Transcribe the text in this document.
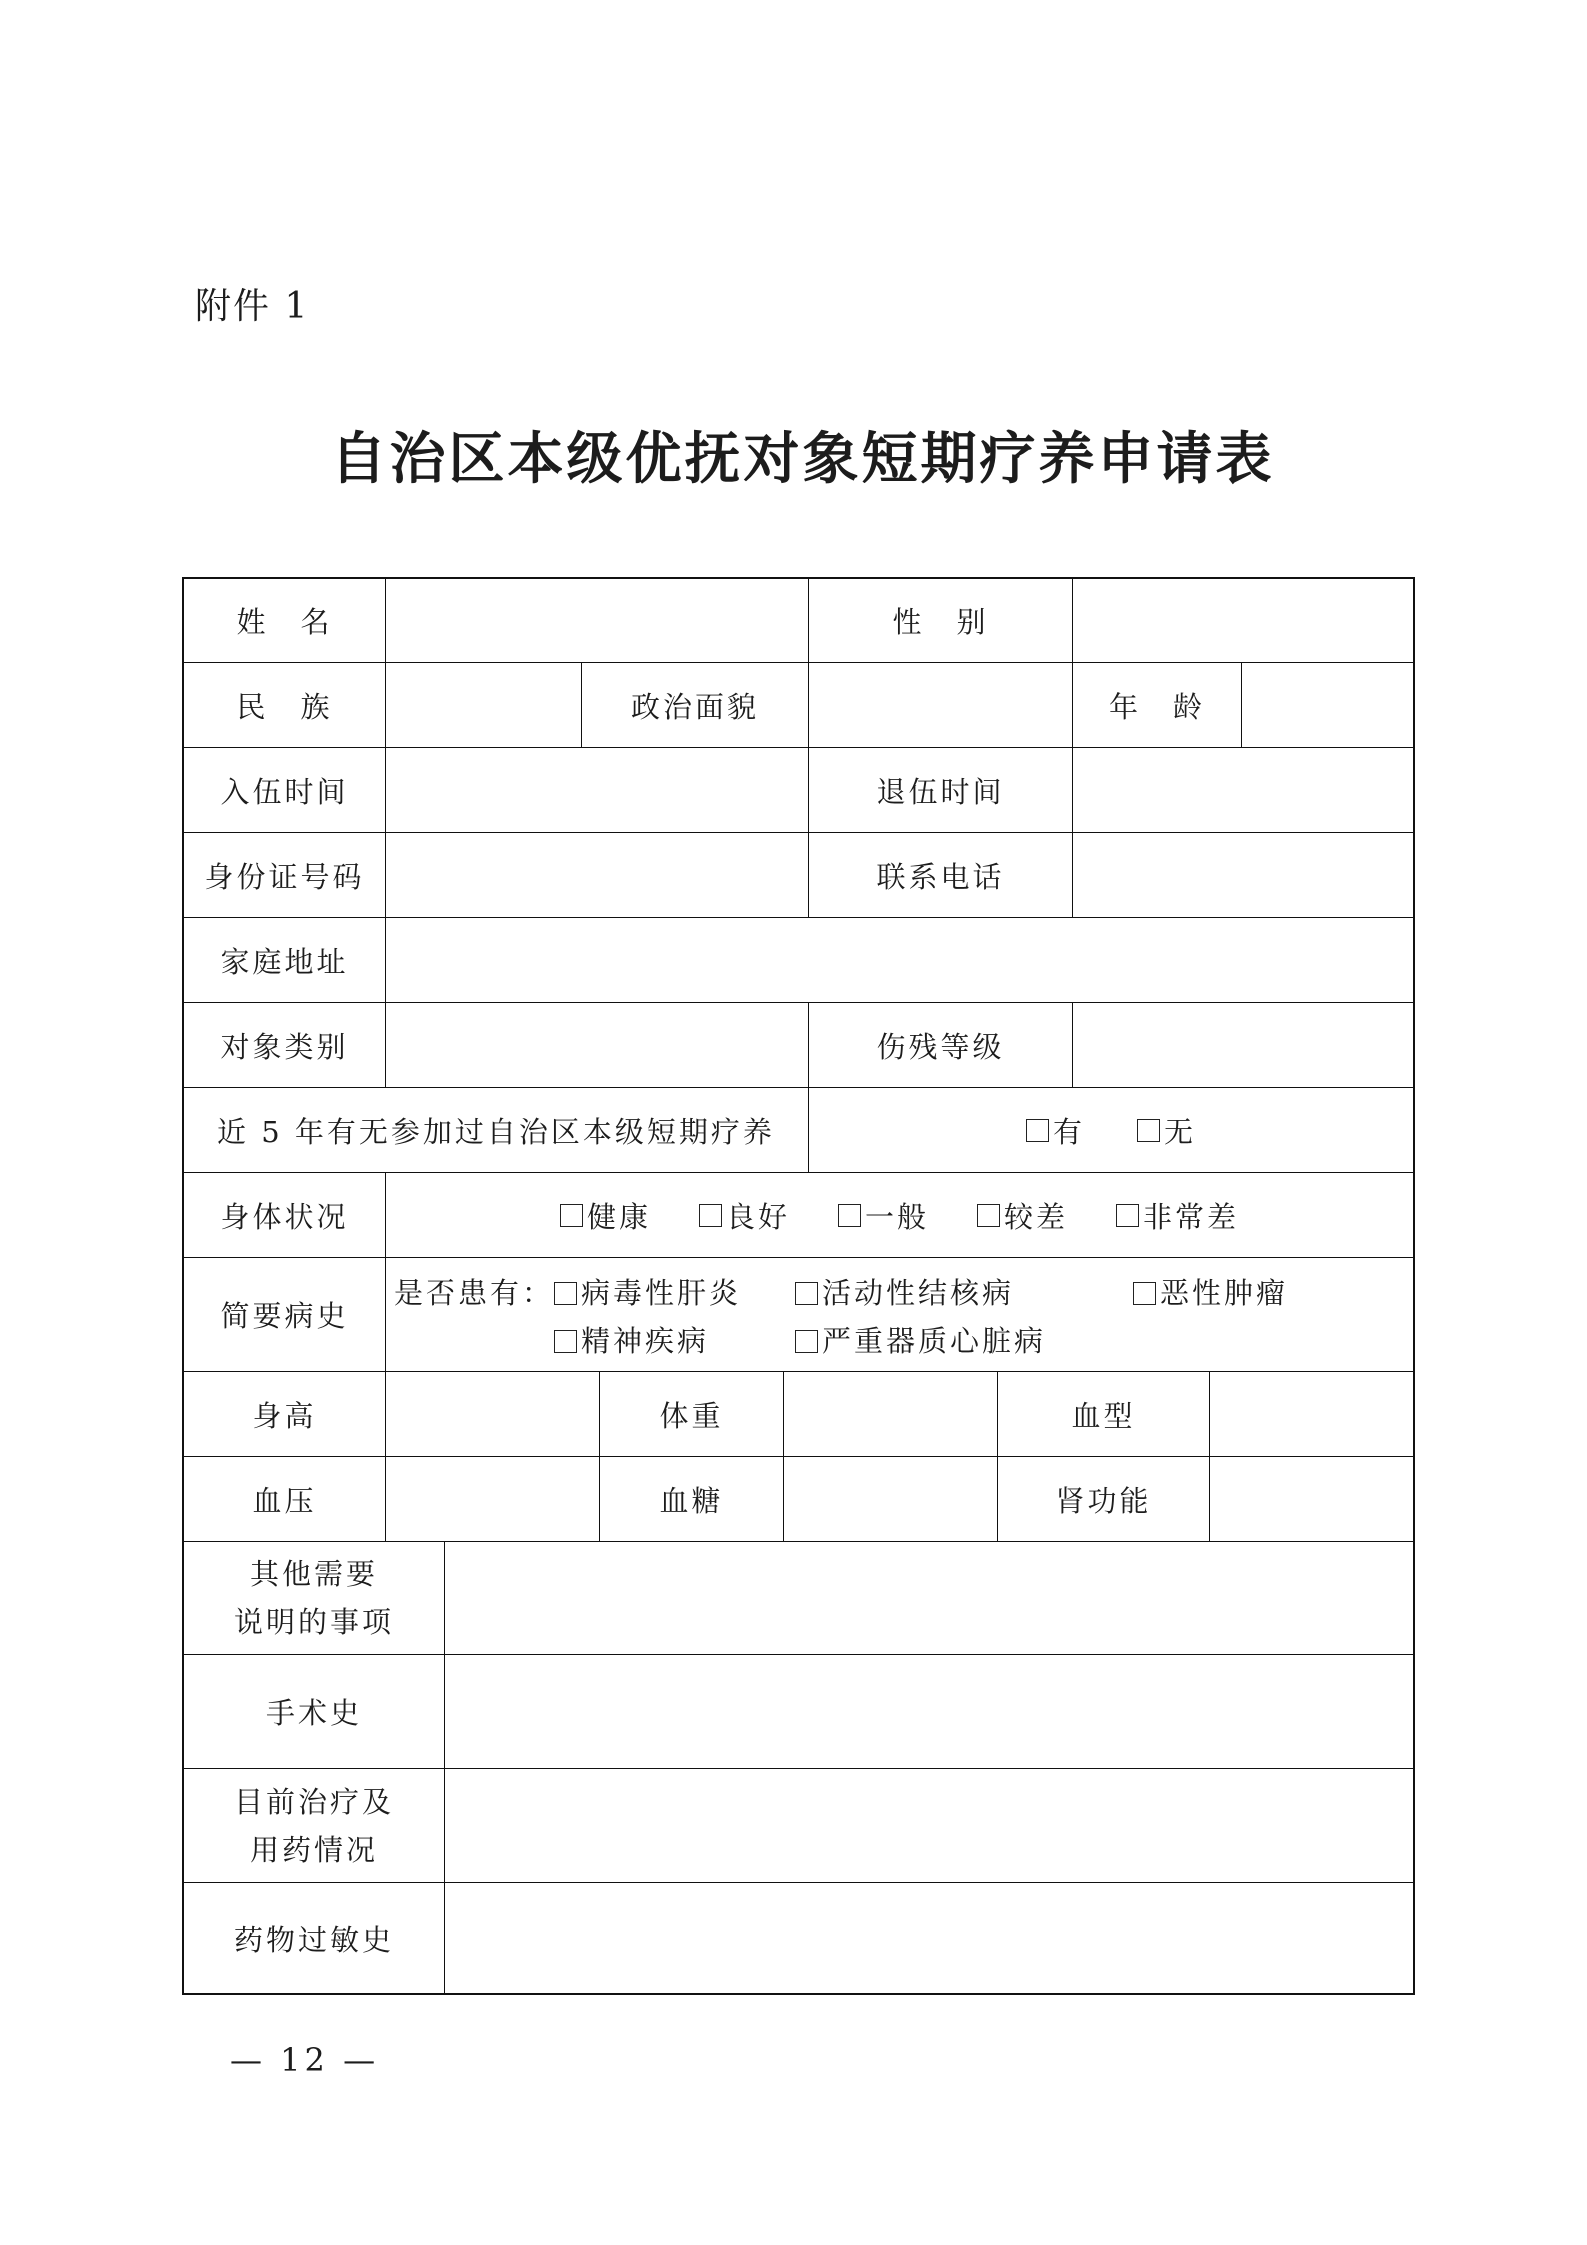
附件 1
自治区本级优抚对象短期疗养申请表
姓　名	性　别
民　族	政治面貌	年　龄
入伍时间	退伍时间
身份证号码	联系电话
家庭地址
对象类别	伤残等级
近 5 年有无参加过自治区本级短期疗养	有	无
身体状况	健康	良好	一般	较差	非常差
简要病史
是否患有： 病毒性肝炎	活动性结核病	恶性肿瘤
精神疾病	严重器质心脏病
身高	体重	血型
血压	血糖	肾功能
其他需要
说明的事项
手术史
目前治疗及
用药情况
药物过敏史
— 12 —
